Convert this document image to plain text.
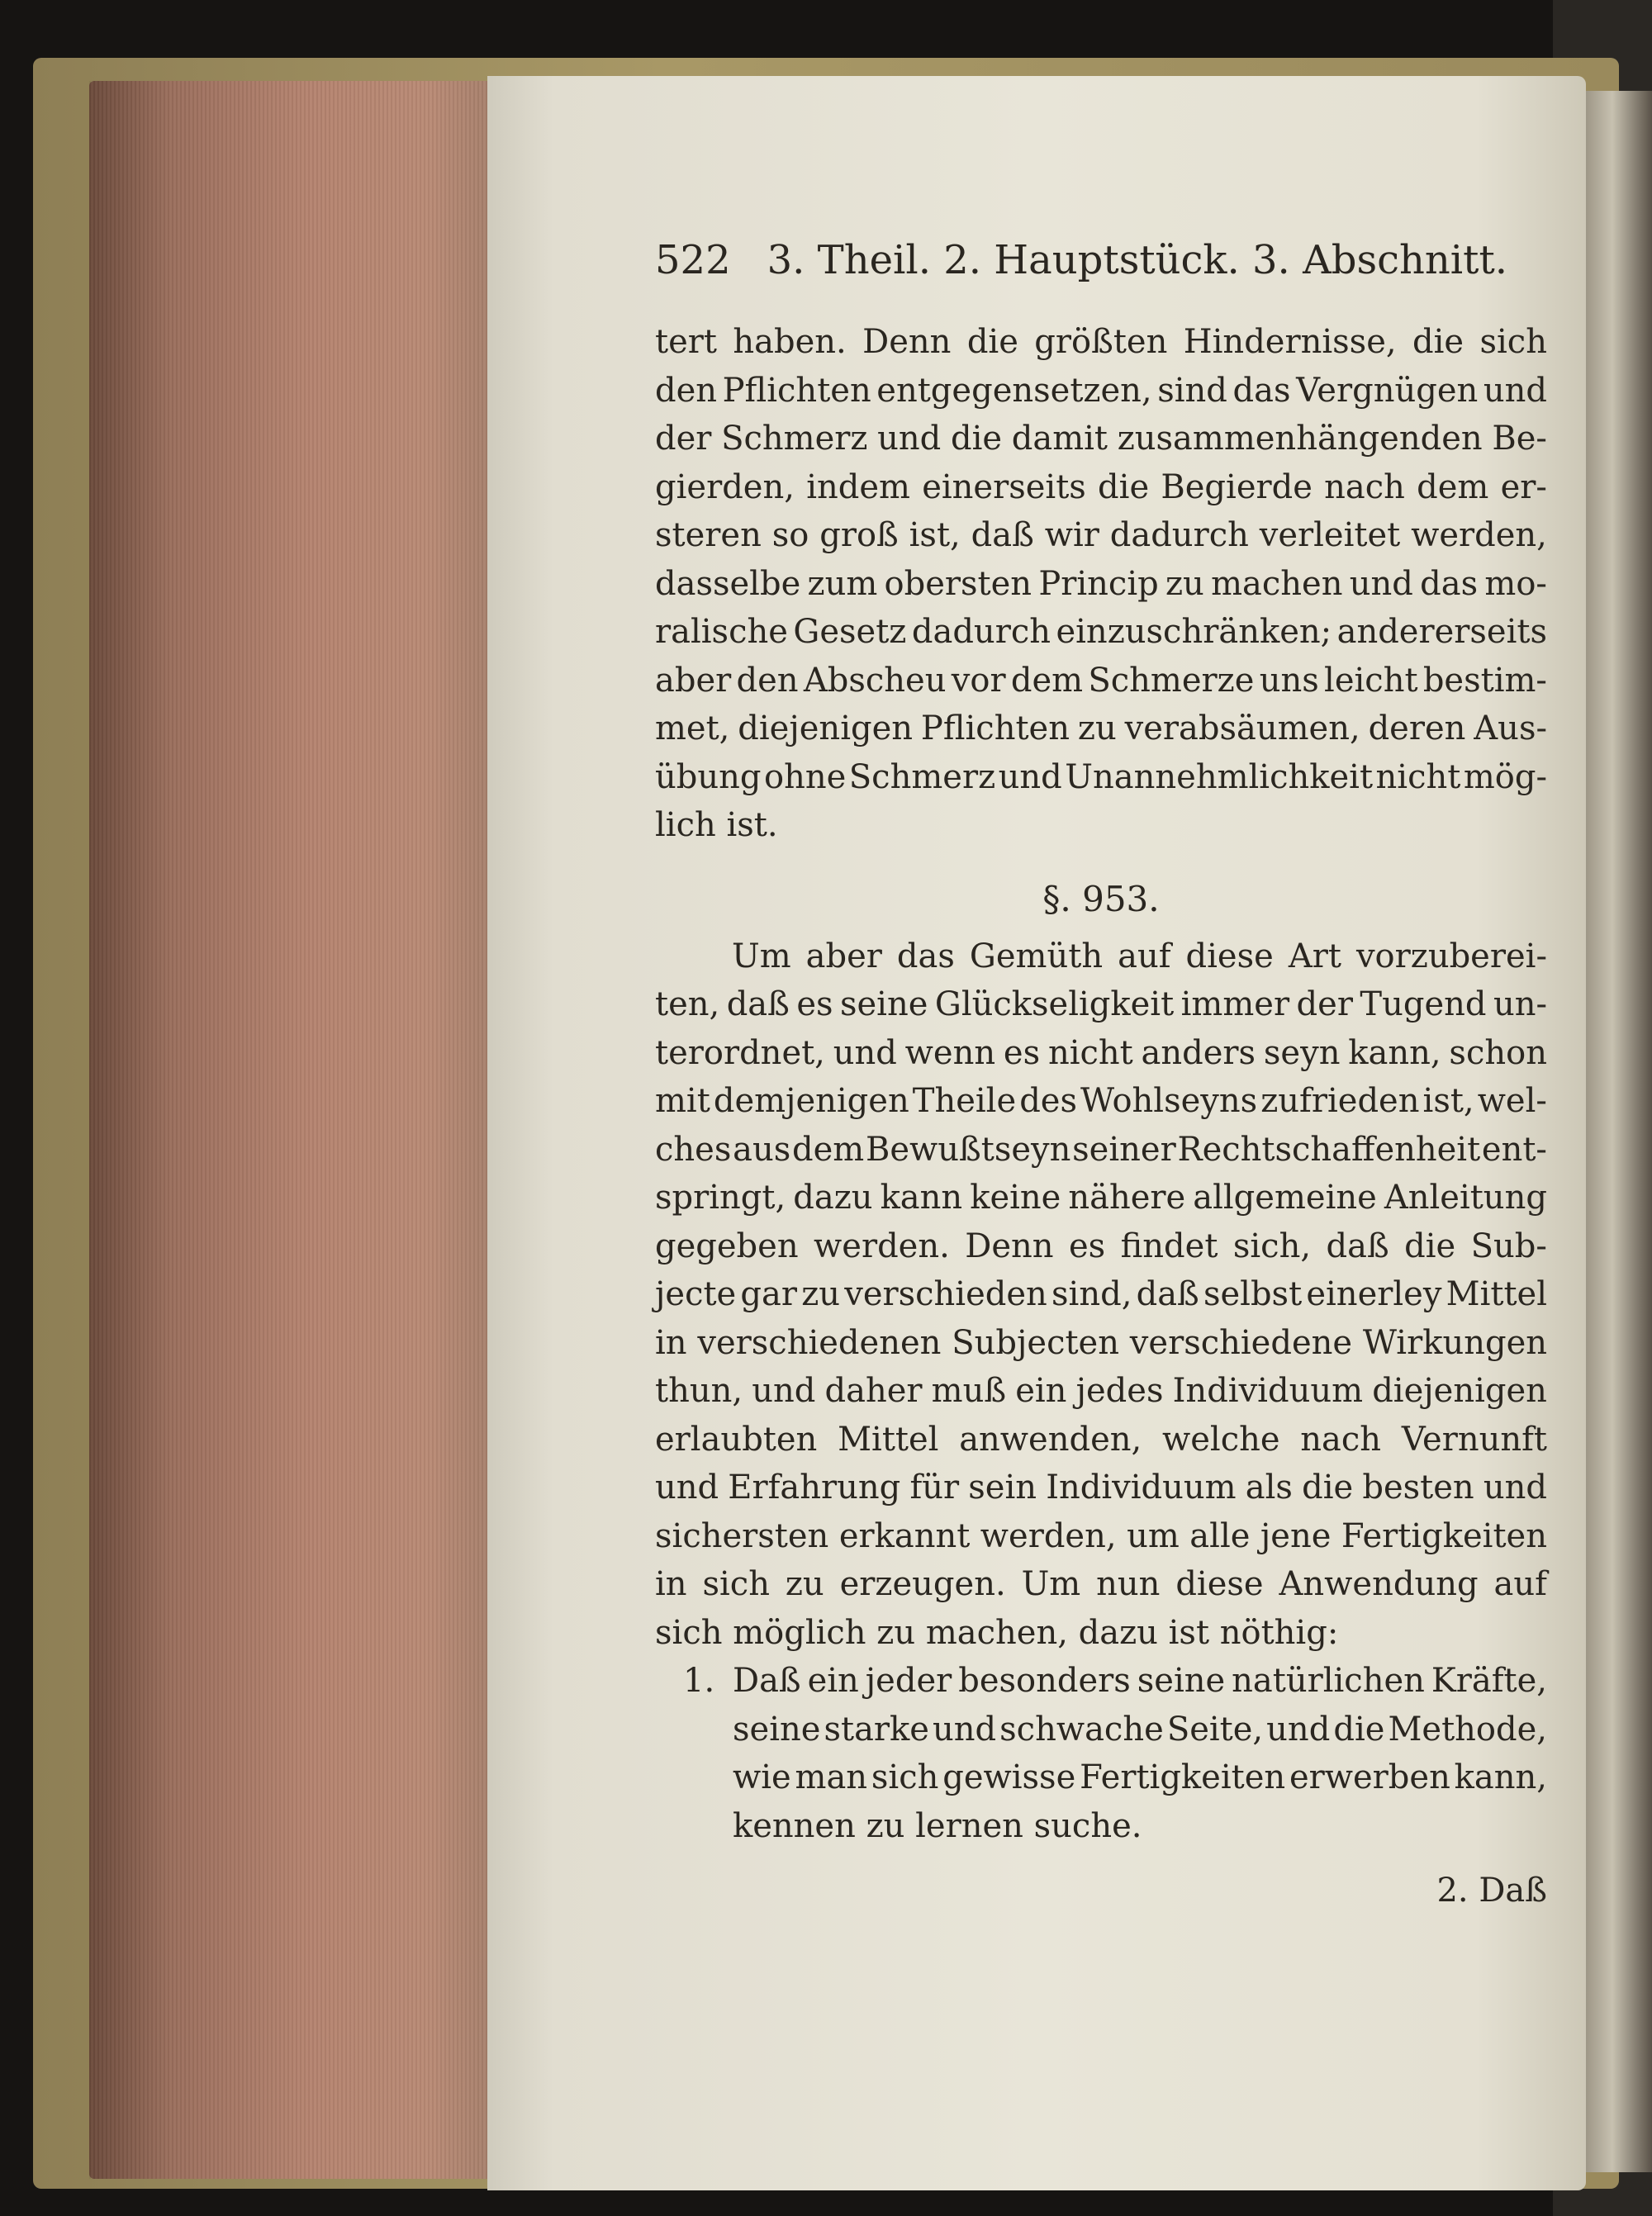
522 3. Theil. 2. Hauptstück. 3. Abschnitt.
tert haben. Denn die größten Hindernisse, die sich
den Pflichten entgegensetzen, sind das Vergnügen und
der Schmerz und die damit zusammenhängenden Be-
gierden, indem einerseits die Begierde nach dem er-
steren so groß ist, daß wir dadurch verleitet werden,
dasselbe zum obersten Princip zu machen und das mo-
ralische Gesetz dadurch einzuschränken; andererseits
aber den Abscheu vor dem Schmerze uns leicht bestim-
met, diejenigen Pflichten zu verabsäumen, deren Aus-
übung ohne Schmerz und Unannehmlichkeit nicht mög-
lich ist.
§. 953.
Um aber das Gemüth auf diese Art vorzuberei-
ten, daß es seine Glückseligkeit immer der Tugend un-
terordnet, und wenn es nicht anders seyn kann, schon
mit demjenigen Theile des Wohlseyns zufrieden ist, wel-
ches aus dem Bewußtseyn seiner Rechtschaffenheit ent-
springt, dazu kann keine nähere allgemeine Anleitung
gegeben werden. Denn es findet sich, daß die Sub-
jecte gar zu verschieden sind, daß selbst einerley Mittel
in verschiedenen Subjecten verschiedene Wirkungen
thun, und daher muß ein jedes Individuum diejenigen
erlaubten Mittel anwenden, welche nach Vernunft
und Erfahrung für sein Individuum als die besten und
sichersten erkannt werden, um alle jene Fertigkeiten
in sich zu erzeugen. Um nun diese Anwendung auf
sich möglich zu machen, dazu ist nöthig:
1. Daß ein jeder besonders seine natürlichen Kräfte,
seine starke und schwache Seite, und die Methode,
wie man sich gewisse Fertigkeiten erwerben kann,
kennen zu lernen suche.
2. Daß
